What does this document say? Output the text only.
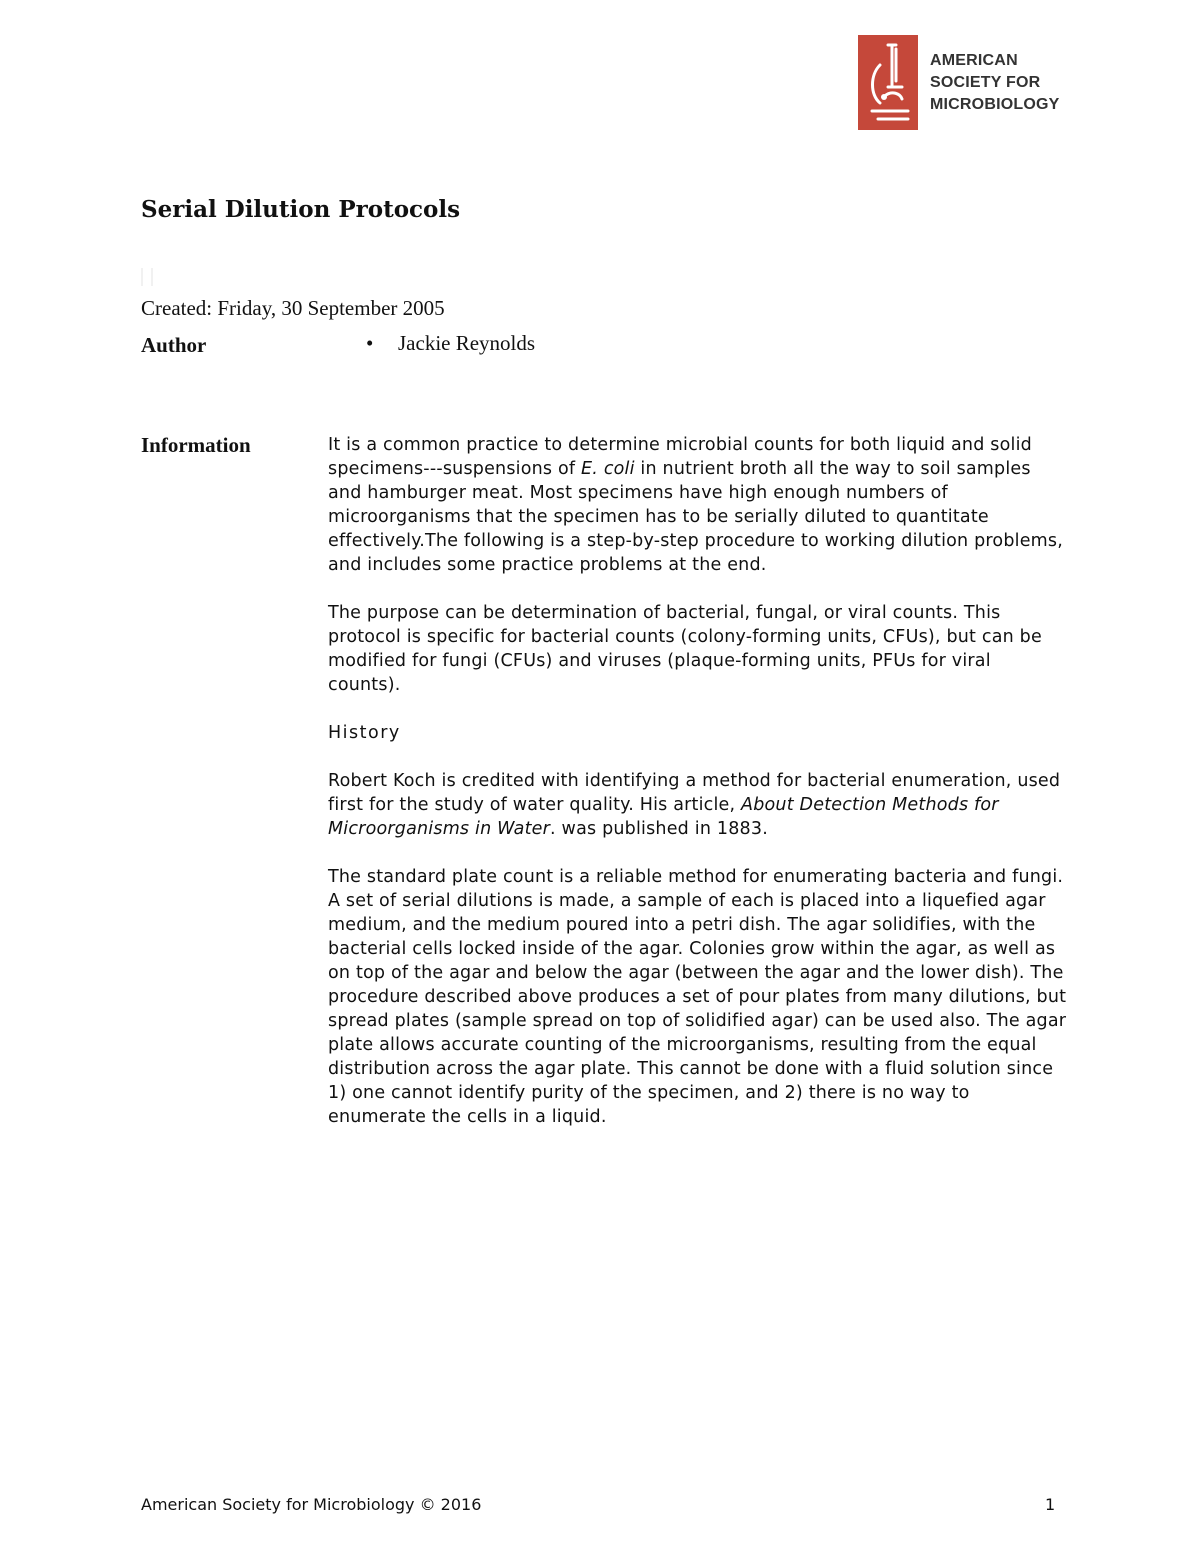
AMERICAN
SOCIETY FOR
MICROBIOLOGY
Serial Dilution Protocols
Created: Friday, 30 September 2005
Author
•	Jackie Reynolds
Information	It is a common practice to determine microbial counts for both liquid and solid specimens---suspensions of E. coli in nutrient broth all the way to soil samples and hamburger meat. Most specimens have high enough numbers of microorganisms that the specimen has to be serially diluted to quantitate effectively.The following is a step-by-step procedure to working dilution problems, and includes some practice problems at the end.

The purpose can be determination of bacterial, fungal, or viral counts. This protocol is specific for bacterial counts (colony-forming units, CFUs), but can be modified for fungi (CFUs) and viruses (plaque-forming units, PFUs for viral counts).

History

Robert Koch is credited with identifying a method for bacterial enumeration, used first for the study of water quality. His article, About Detection Methods for Microorganisms in Water. was published in 1883.

The standard plate count is a reliable method for enumerating bacteria and fungi. A set of serial dilutions is made, a sample of each is placed into a liquefied agar medium, and the medium poured into a petri dish. The agar solidifies, with the bacterial cells locked inside of the agar. Colonies grow within the agar, as well as on top of the agar and below the agar (between the agar and the lower dish). The procedure described above produces a set of pour plates from many dilutions, but spread plates (sample spread on top of solidified agar) can be used also. The agar plate allows accurate counting of the microorganisms, resulting from the equal distribution across the agar plate. This cannot be done with a fluid solution since 1) one cannot identify purity of the specimen, and 2) there is no way to enumerate the cells in a liquid.

American Society for Microbiology © 2016	1
